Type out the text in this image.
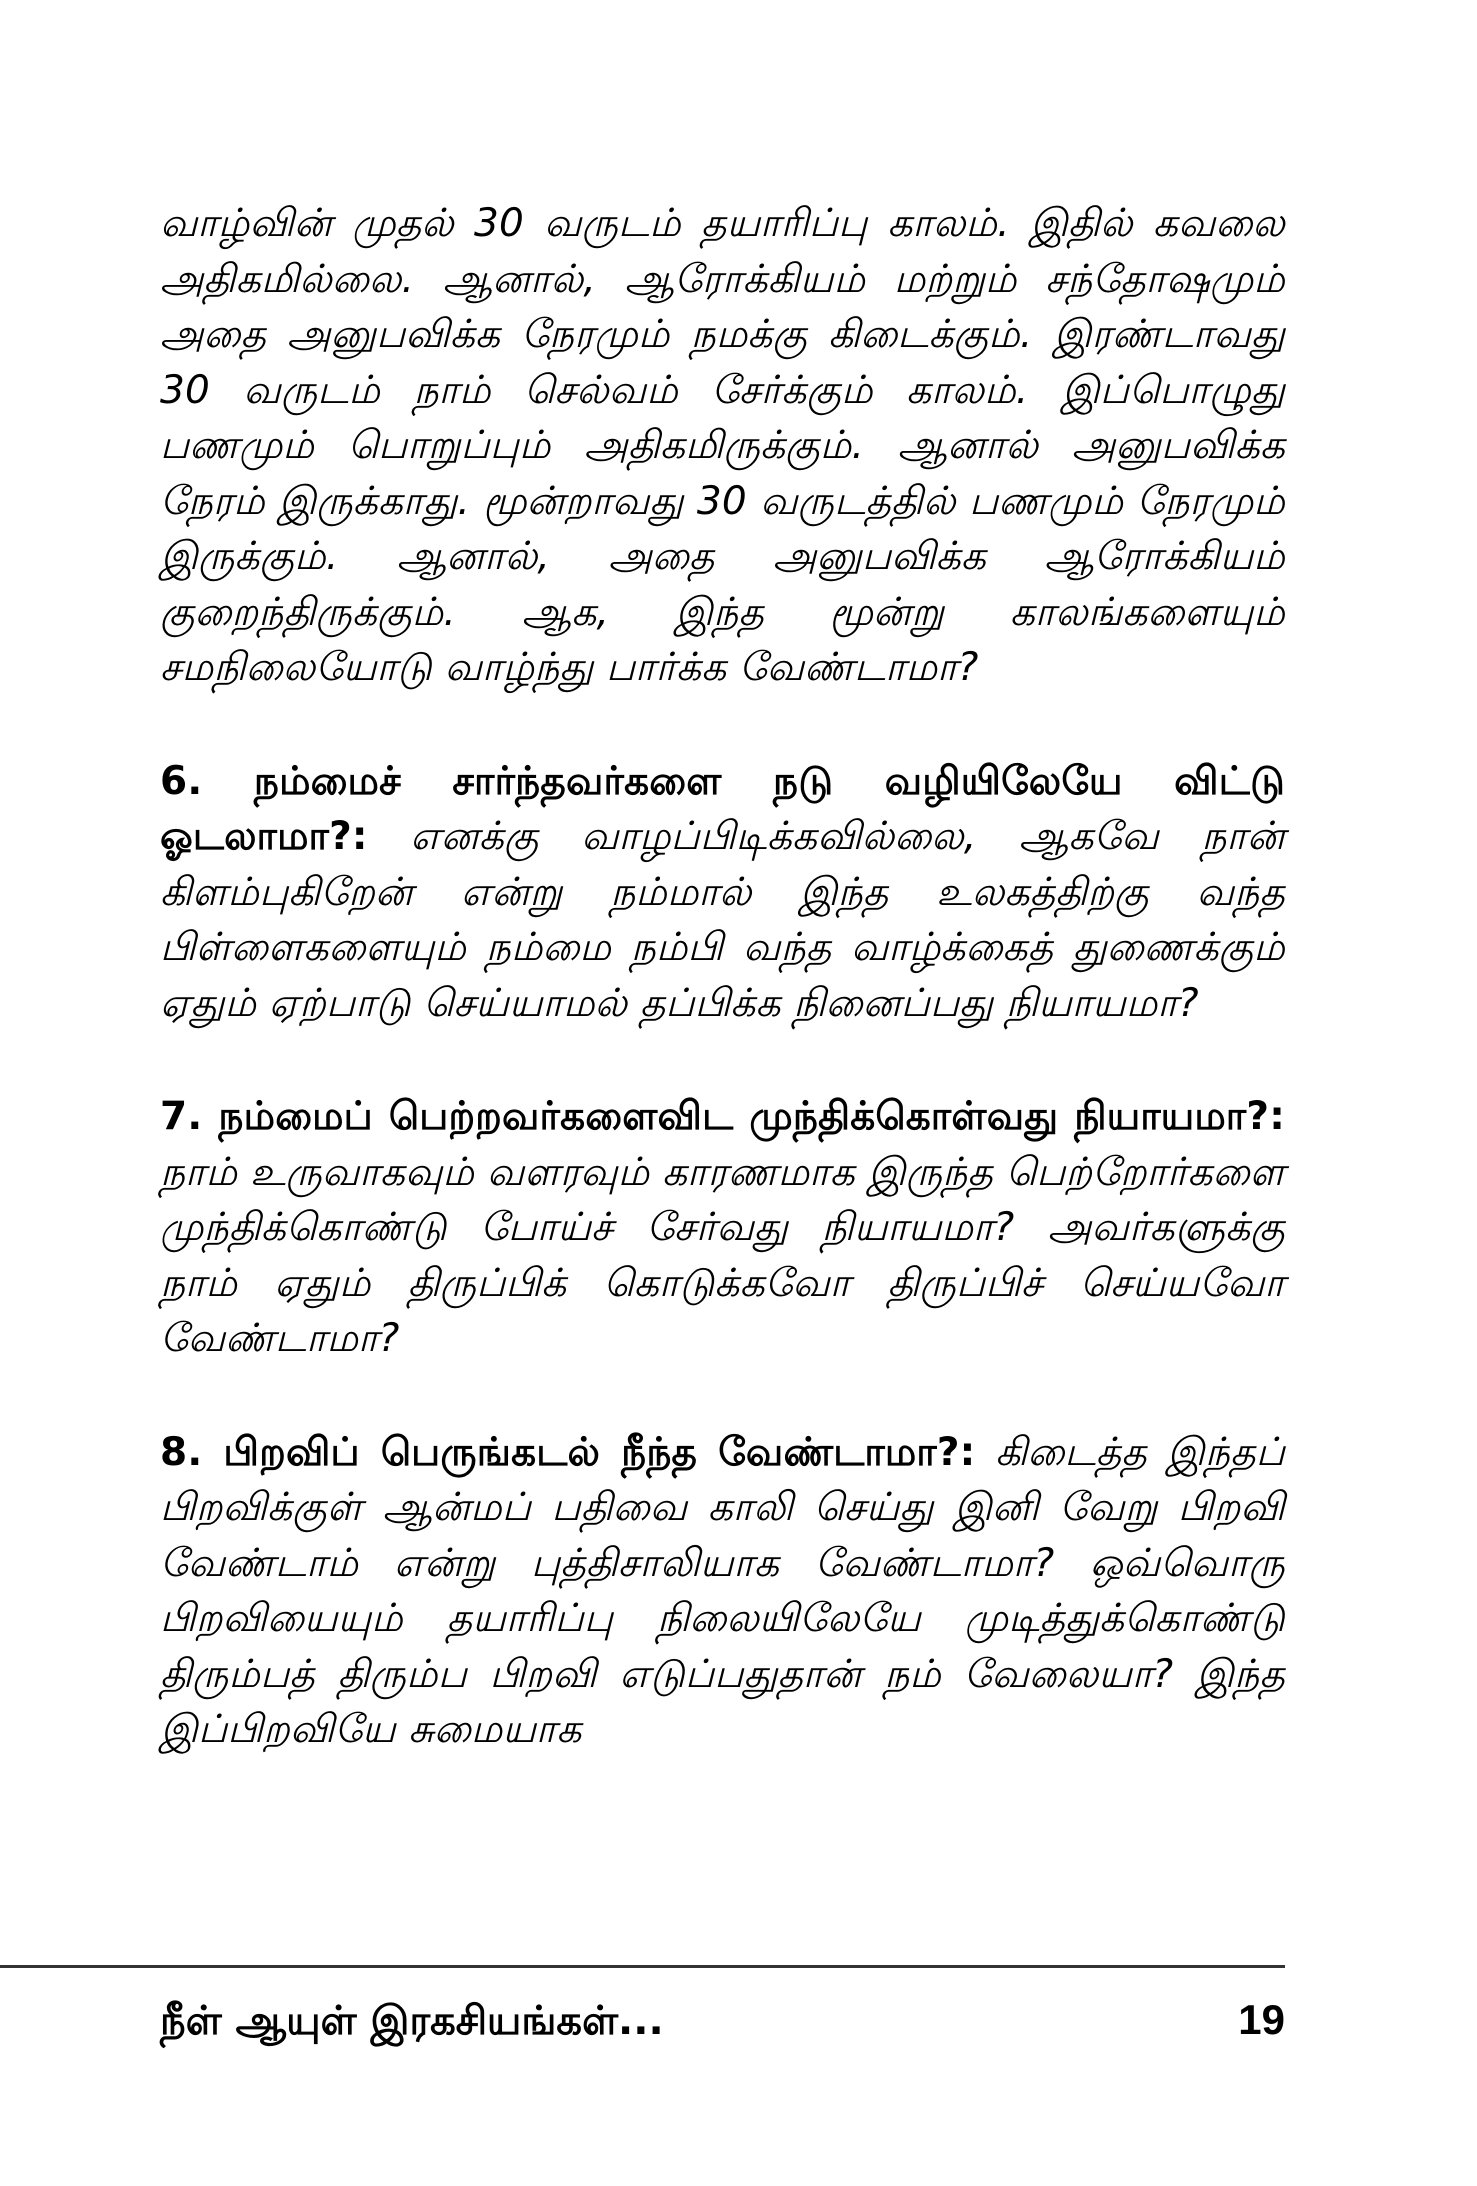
வாழ்வின் முதல் 30 வருடம் தயாரிப்பு காலம். இதில் கவலை அதிகமில்லை. ஆனால், ஆரோக்கியம் மற்றும் சந்தோஷமும் அதை அனுபவிக்க நேரமும் நமக்கு கிடைக்கும். இரண்டாவது 30 வருடம் நாம் செல்வம் சேர்க்கும் காலம். இப்பொழுது பணமும் பொறுப்பும் அதிகமிருக்கும். ஆனால் அனுபவிக்க நேரம் இருக்காது. மூன்றாவது 30 வருடத்தில் பணமும் நேரமும் இருக்கும். ஆனால், அதை அனுபவிக்க ஆரோக்கியம் குறைந்திருக்கும். ஆக, இந்த மூன்று காலங்களையும் சமநிலையோடு வாழ்ந்து பார்க்க வேண்டாமா?

6. நம்மைச் சார்ந்தவர்களை நடு வழியிலேயே விட்டு ஓடலாமா?: எனக்கு வாழப்பிடிக்கவில்லை, ஆகவே நான் கிளம்புகிறேன் என்று நம்மால் இந்த உலகத்திற்கு வந்த பிள்ளைகளையும் நம்மை நம்பி வந்த வாழ்க்கைத் துணைக்கும் ஏதும் ஏற்பாடு செய்யாமல் தப்பிக்க நினைப்பது நியாயமா?

7. நம்மைப் பெற்றவர்களைவிட முந்திக்கொள்வது நியாயமா?: நாம் உருவாகவும் வளரவும் காரணமாக இருந்த பெற்றோர்களை முந்திக்கொண்டு போய்ச் சேர்வது நியாயமா? அவர்களுக்கு நாம் ஏதும் திருப்பிக் கொடுக்கவோ திருப்பிச் செய்யவோ வேண்டாமா?

8. பிறவிப் பெருங்கடல் நீந்த வேண்டாமா?: கிடைத்த இந்தப் பிறவிக்குள் ஆன்மப் பதிவை காலி செய்து இனி வேறு பிறவி வேண்டாம் என்று புத்திசாலியாக வேண்டாமா? ஒவ்வொரு பிறவியையும் தயாரிப்பு நிலையிலேயே முடித்துக்கொண்டு திரும்பத் திரும்ப பிறவி எடுப்பதுதான் நம் வேலையா? இந்த இப்பிறவியே சுமையாக

நீள் ஆயுள் இரகசியங்கள்...	19
